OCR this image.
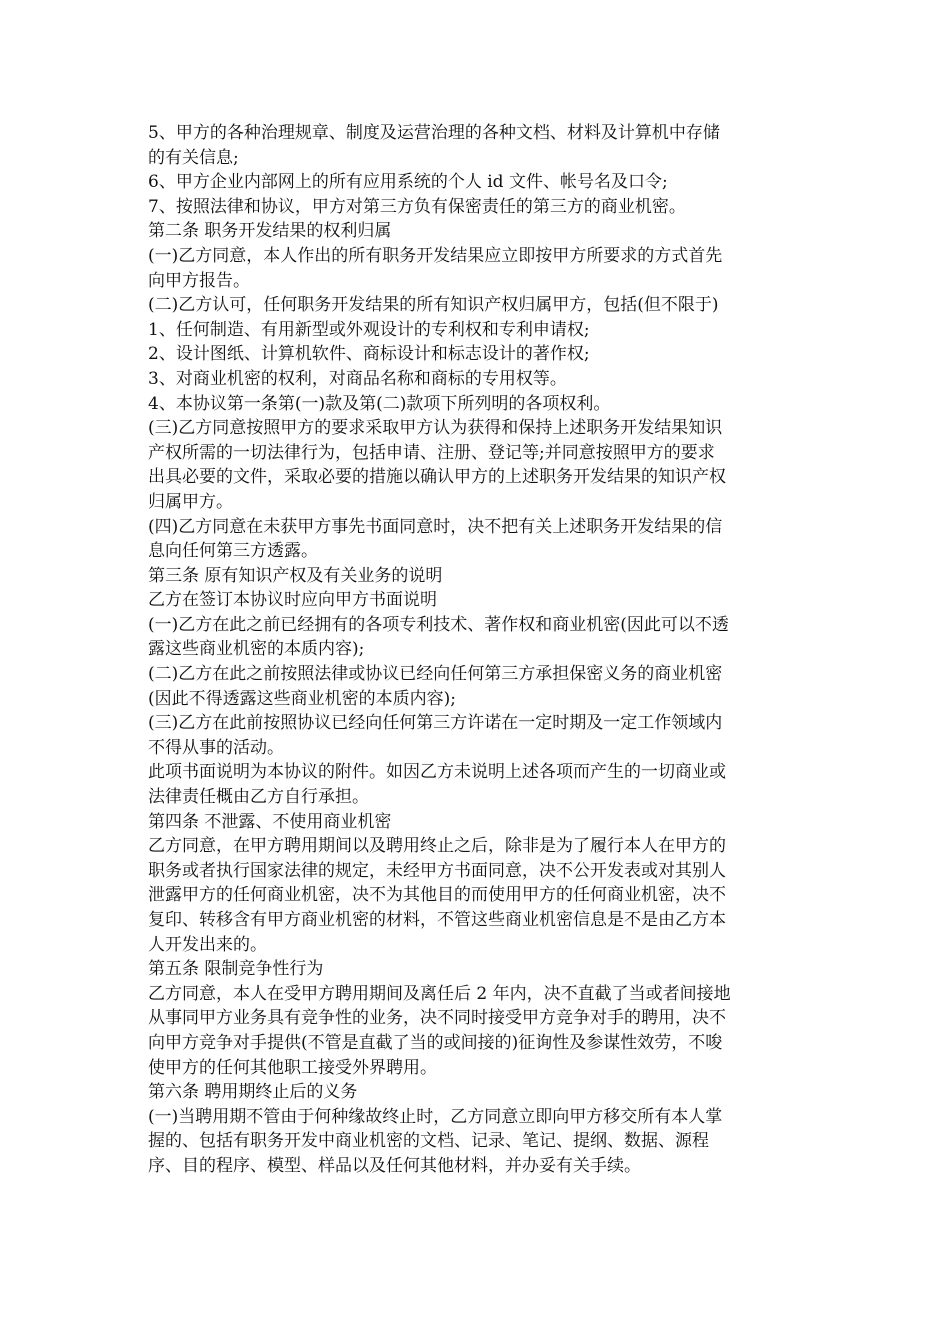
5、甲方的各种治理规章、制度及运营治理的各种文档、材料及计算机中存储
的有关信息;
6、甲方企业内部网上的所有应用系统的个人 id 文件、帐号名及口令;
7、按照法律和协议，甲方对第三方负有保密责任的第三方的商业机密。
第二条 职务开发结果的权利归属
(一)乙方同意，本人作出的所有职务开发结果应立即按甲方所要求的方式首先
向甲方报告。
(二)乙方认可，任何职务开发结果的所有知识产权归属甲方，包括(但不限于)
1、任何制造、有用新型或外观设计的专利权和专利申请权;
2、设计图纸、计算机软件、商标设计和标志设计的著作权;
3、对商业机密的权利，对商品名称和商标的专用权等。
4、本协议第一条第(一)款及第(二)款项下所列明的各项权利。
(三)乙方同意按照甲方的要求采取甲方认为获得和保持上述职务开发结果知识
产权所需的一切法律行为，包括申请、注册、登记等;并同意按照甲方的要求
出具必要的文件，采取必要的措施以确认甲方的上述职务开发结果的知识产权
归属甲方。
(四)乙方同意在未获甲方事先书面同意时，决不把有关上述职务开发结果的信
息向任何第三方透露。
第三条 原有知识产权及有关业务的说明
乙方在签订本协议时应向甲方书面说明
(一)乙方在此之前已经拥有的各项专利技术、著作权和商业机密(因此可以不透
露这些商业机密的本质内容);
(二)乙方在此之前按照法律或协议已经向任何第三方承担保密义务的商业机密
(因此不得透露这些商业机密的本质内容);
(三)乙方在此前按照协议已经向任何第三方许诺在一定时期及一定工作领域内
不得从事的活动。
此项书面说明为本协议的附件。如因乙方未说明上述各项而产生的一切商业或
法律责任概由乙方自行承担。
第四条 不泄露、不使用商业机密
乙方同意，在甲方聘用期间以及聘用终止之后，除非是为了履行本人在甲方的
职务或者执行国家法律的规定，未经甲方书面同意，决不公开发表或对其别人
泄露甲方的任何商业机密，决不为其他目的而使用甲方的任何商业机密，决不
复印、转移含有甲方商业机密的材料，不管这些商业机密信息是不是由乙方本
人开发出来的。
第五条 限制竞争性行为
乙方同意，本人在受甲方聘用期间及离任后 2 年内，决不直截了当或者间接地
从事同甲方业务具有竞争性的业务，决不同时接受甲方竞争对手的聘用，决不
向甲方竞争对手提供(不管是直截了当的或间接的)征询性及参谋性效劳，不唆
使甲方的任何其他职工接受外界聘用。
第六条 聘用期终止后的义务
(一)当聘用期不管由于何种缘故终止时，乙方同意立即向甲方移交所有本人掌
握的、包括有职务开发中商业机密的文档、记录、笔记、提纲、数据、源程
序、目的程序、模型、样品以及任何其他材料，并办妥有关手续。
